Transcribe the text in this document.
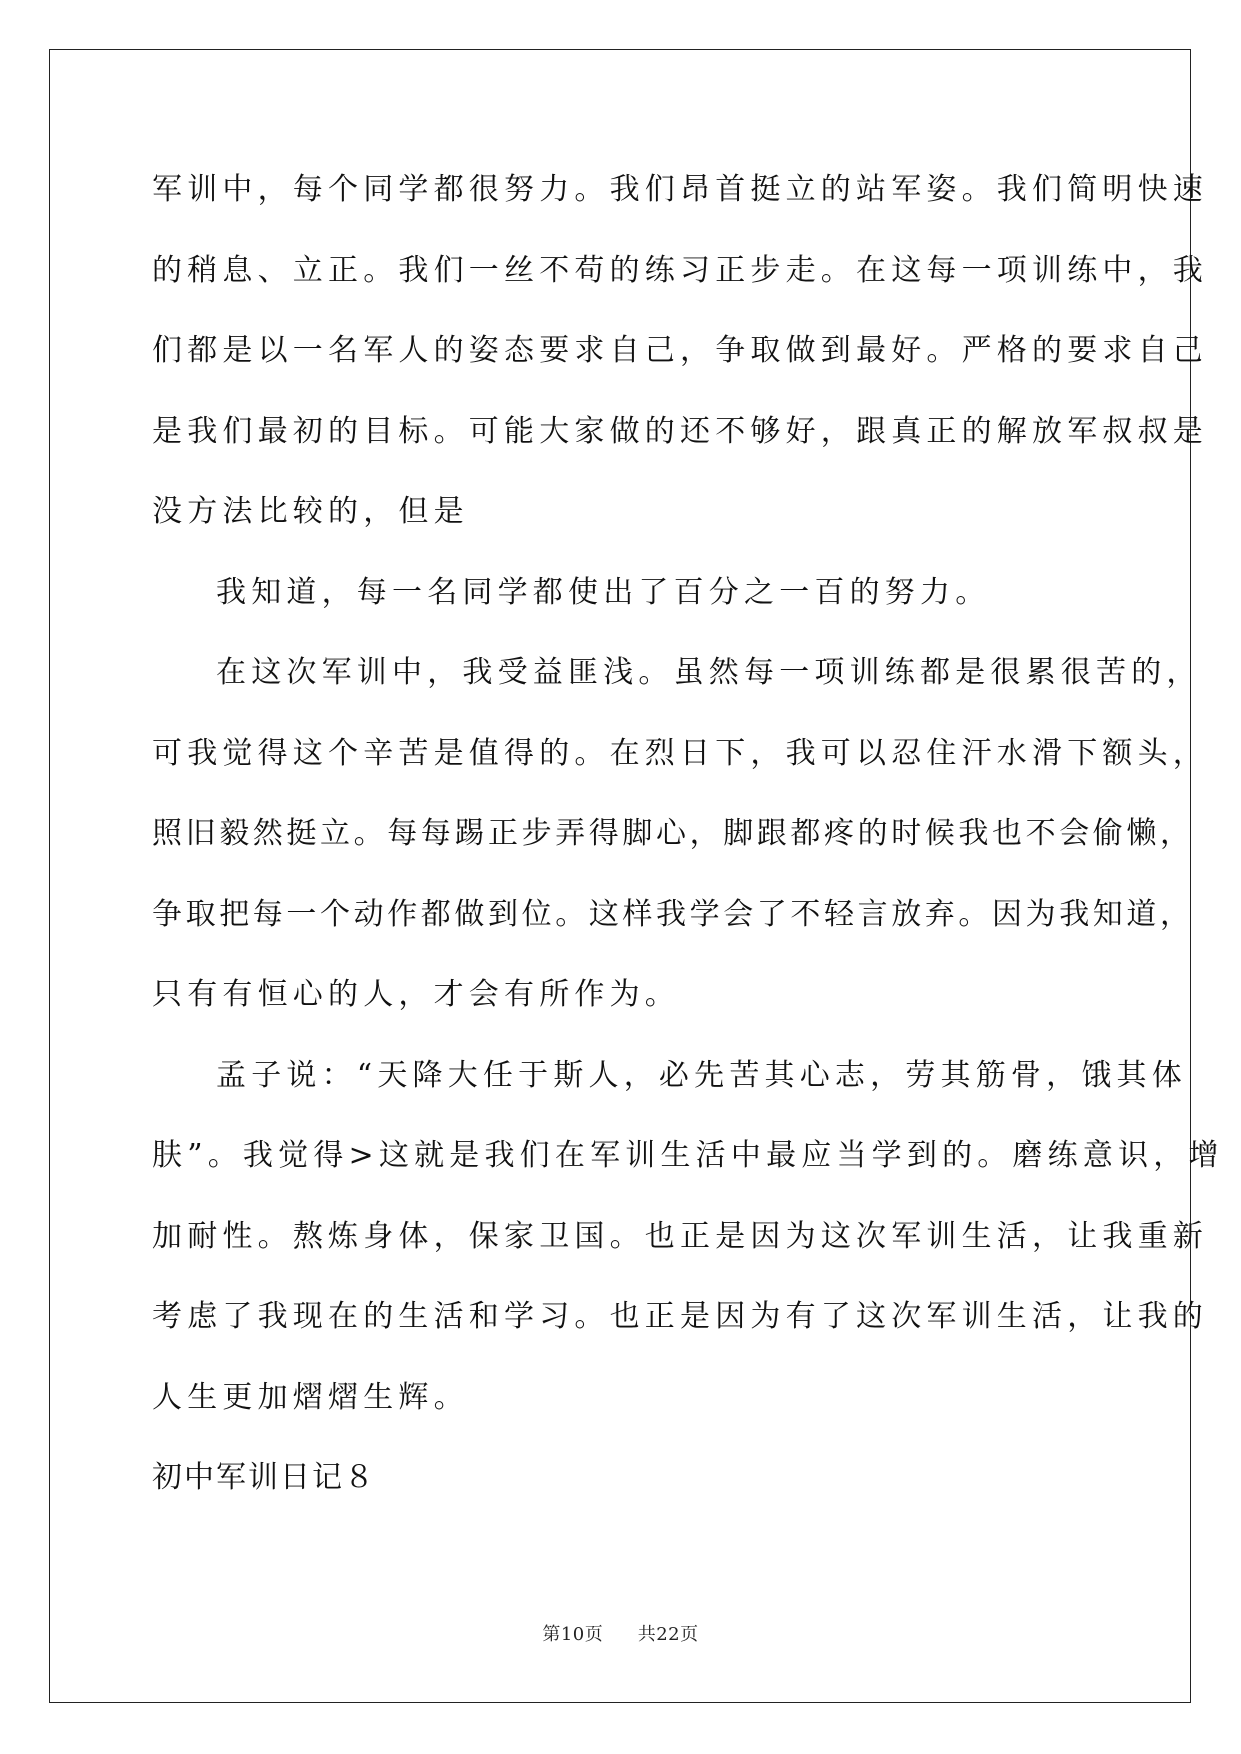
军训中，每个同学都很努力。我们昂首挺立的站军姿。我们简明快速
的稍息、立正。我们一丝不苟的练习正步走。在这每一项训练中，我
们都是以一名军人的姿态要求自己，争取做到最好。严格的要求自己
是我们最初的目标。可能大家做的还不够好，跟真正的解放军叔叔是
没方法比较的，但是
我知道，每一名同学都使出了百分之一百的努力。
在这次军训中，我受益匪浅。虽然每一项训练都是很累很苦的，
可我觉得这个辛苦是值得的。在烈日下，我可以忍住汗水滑下额头，
照旧毅然挺立。每每踢正步弄得脚心，脚跟都疼的时候我也不会偷懒，
争取把每一个动作都做到位。这样我学会了不轻言放弃。因为我知道，
只有有恒心的人，才会有所作为。
孟子说：“天降大任于斯人，必先苦其心志，劳其筋骨，饿其体
肤”。我觉得>这就是我们在军训生活中最应当学到的。磨练意识，增
加耐性。熬炼身体，保家卫国。也正是因为这次军训生活，让我重新
考虑了我现在的生活和学习。也正是因为有了这次军训生活，让我的
人生更加熠熠生辉。
初中军训日记８
第10页 共22页
